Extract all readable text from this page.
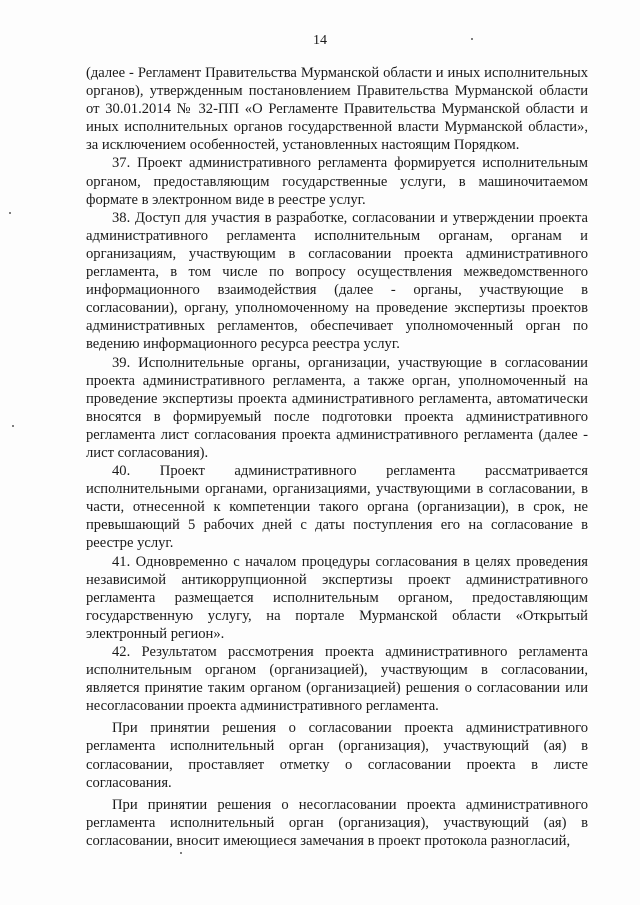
14

(далее - Регламент Правительства Мурманской области и иных исполнительных органов), утвержденным постановлением Правительства Мурманской области от 30.01.2014 № 32-ПП «О Регламенте Правительства Мурманской области и иных исполнительных органов государственной власти Мурманской области», за исключением особенностей, установленных настоящим Порядком.

37. Проект административного регламента формируется исполнительным органом, предоставляющим государственные услуги, в машиночитаемом формате в электронном виде в реестре услуг.

38. Доступ для участия в разработке, согласовании и утверждении проекта административного регламента исполнительным органам, органам и организациям, участвующим в согласовании проекта административного регламента, в том числе по вопросу осуществления межведомственного информационного взаимодействия (далее - органы, участвующие в согласовании), органу, уполномоченному на проведение экспертизы проектов административных регламентов, обеспечивает уполномоченный орган по ведению информационного ресурса реестра услуг.

39. Исполнительные органы, организации, участвующие в согласовании проекта административного регламента, а также орган, уполномоченный на проведение экспертизы проекта административного регламента, автоматически вносятся в формируемый после подготовки проекта административного регламента лист согласования проекта административного регламента (далее - лист согласования).

40. Проект административного регламента рассматривается исполнительными органами, организациями, участвующими в согласовании, в части, отнесенной к компетенции такого органа (организации), в срок, не превышающий 5 рабочих дней с даты поступления его на согласование в реестре услуг.

41. Одновременно с началом процедуры согласования в целях проведения независимой антикоррупционной экспертизы проект административного регламента размещается исполнительным органом, предоставляющим государственную услугу, на портале Мурманской области «Открытый электронный регион».

42. Результатом рассмотрения проекта административного регламента исполнительным органом (организацией), участвующим в согласовании, является принятие таким органом (организацией) решения о согласовании или несогласовании проекта административного регламента.

При принятии решения о согласовании проекта административного регламента исполнительный орган (организация), участвующий (ая) в согласовании, проставляет отметку о согласовании проекта в листе согласования.

При принятии решения о несогласовании проекта административного регламента исполнительный орган (организация), участвующий (ая) в согласовании, вносит имеющиеся замечания в проект протокола разногласий,
